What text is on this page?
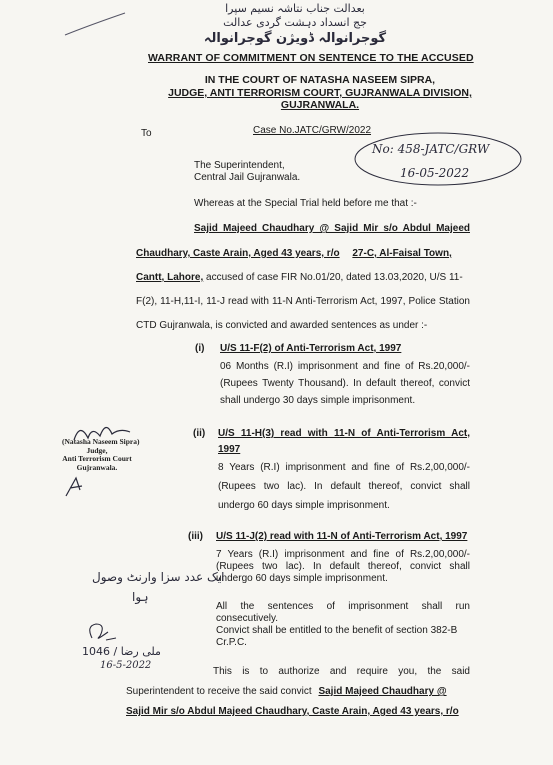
بعدالت جناب نتاشہ نسیم سپرا
جج انسداد دہشت گردی عدالت
گوجرانوالہ ڈویژن گوجرانوالہ
WARRANT OF COMMITMENT ON SENTENCE TO THE ACCUSED
IN THE COURT OF NATASHA NASEEM SIPRA,
JUDGE, ANTI TERRORISM COURT, GUJRANWALA DIVISION,
GUJRANWALA.
To	Case No.JATC/GRW/2022
No: 458-JATC/GRW
16-05-2022
The Superintendent,
Central Jail Gujranwala.
Whereas at the Special Trial held before me that :-
Sajid Majeed Chaudhary @ Sajid Mir s/o Abdul Majeed
Chaudhary, Caste Arain, Aged 43 years, r/o 27-C, Al-Faisal Town,
Cantt, Lahore, accused of case FIR No.01/20, dated 13.03,2020, U/S 11-
F(2), 11-H,11-I, 11-J read with 11-N Anti-Terrorism Act, 1997, Police Station
CTD Gujranwala, is convicted and awarded sentences as under :-
(i) U/S 11-F(2) of Anti-Terrorism Act, 1997
06 Months (R.I) imprisonment and fine of Rs.20,000/-
(Rupees Twenty Thousand). In default thereof, convict
shall undergo 30 days simple imprisonment.
(ii) U/S 11-H(3) read with 11-N of Anti-Terrorism Act,
1997
8 Years (R.I) imprisonment and fine of Rs.2,00,000/-
(Rupees two lac). In default thereof, convict shall
undergo 60 days simple imprisonment.
(iii) U/S 11-J(2) read with 11-N of Anti-Terrorism Act, 1997
7 Years (R.I) imprisonment and fine of Rs.2,00,000/-
(Rupees two lac). In default thereof, convict shall
undergo 60 days simple imprisonment.
All the sentences of imprisonment shall run
consecutively.
Convict shall be entitled to the benefit of section 382-B
Cr.P.C.
This is to authorize and require you, the said
Superintendent to receive the said convict Sajid Majeed Chaudhary @
Sajid Mir s/o Abdul Majeed Chaudhary, Caste Arain, Aged 43 years, r/o
(Natasha Naseem Sipra)
Judge,
Anti Terrorism Court
Gujranwala.
ایک عدد سزا وارنٹ وصول
ہوا
ملی رضا / 1046
16-5-2022
